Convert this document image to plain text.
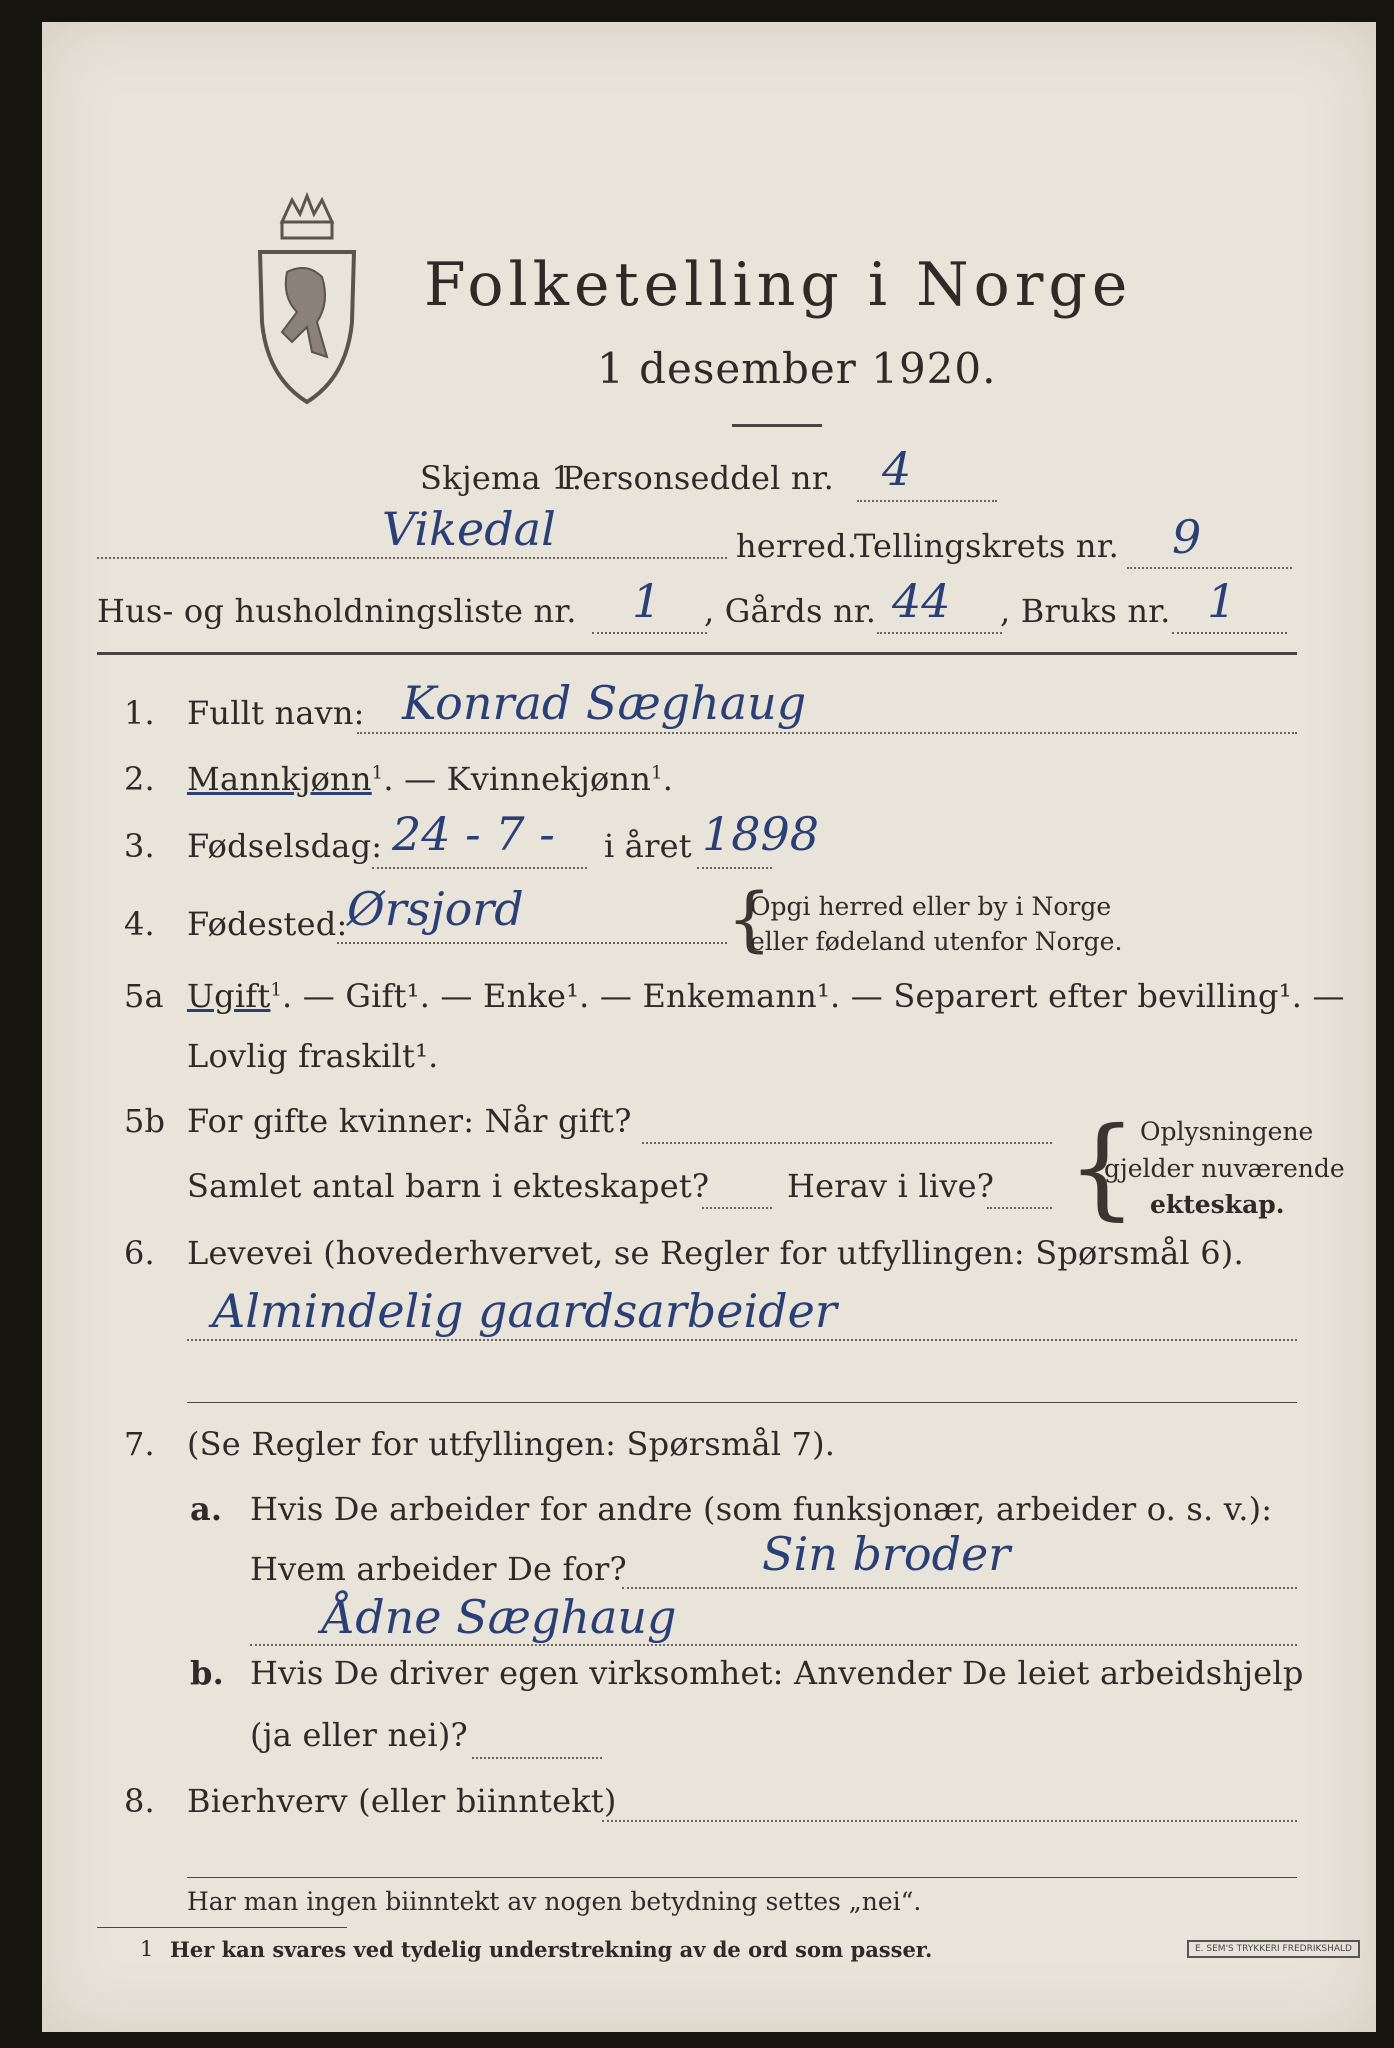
Folketelling i Norge
1 desember 1920.
Skjema 1.
Personseddel nr. 4
Vikedal	herred.
Tellingskrets nr. 9
Hus- og husholdningsliste nr. 1 , Gårds nr. 44 , Bruks nr. 1
1. Fullt navn: Konrad Sæghaug
2. Mannkjønn$^1$. — Kvinnekjønn$^1$.
3. Fødselsdag: 24 - 7 - i året 1898
4. Fødested: Ørsjord	{
Opgi herred eller by i Norge
eller fødeland utenfor Norge.
5a Ugift$^1$. — Gift¹. — Enke¹. — Enkemann¹. — Separert efter bevilling¹. —
Lovlig fraskilt¹.
5b For gifte kvinner: Når gift?
Samlet antal barn i ekteskapet? Herav i live? { Oplysningene
gjelder nuværende
ekteskap.
6. Levevei (hovederhvervet, se Regler for utfyllingen: Spørsmål 6).
Almindelig gaardsarbeider
7. (Se Regler for utfyllingen: Spørsmål 7).
a. Hvis De arbeider for andre (som funksjonær, arbeider o. s. v.):
Hvem arbeider De for?	Sin broder
Ådne Sæghaug
b. Hvis De driver egen virksomhet: Anvender De leiet arbeidshjelp
(ja eller nei)?
8. Bierhverv (eller biinntekt)
Har man ingen biinntekt av nogen betydning settes „nei“.
1 Her kan svares ved tydelig understrekning av de ord som passer.	E. SEM'S TRYKKERI FREDRIKSHALD
